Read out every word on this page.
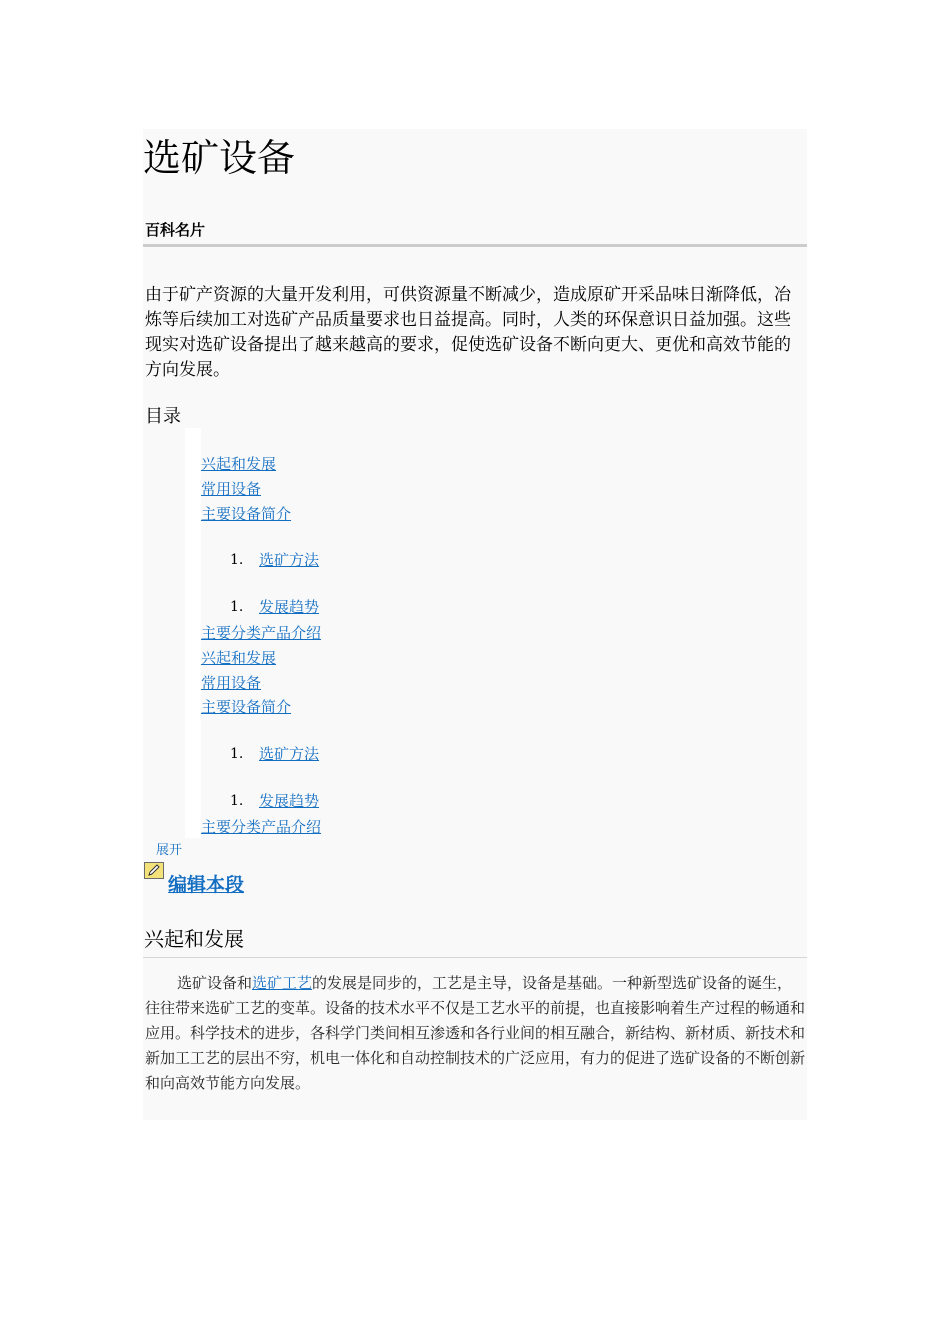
选矿设备
百科名片
由于矿产资源的大量开发利用，可供资源量不断减少，造成原矿开采品味日渐降低，冶炼等后续加工对选矿产品质量要求也日益提高。同时，人类的环保意识日益加强。这些现实对选矿设备提出了越来越高的要求，促使选矿设备不断向更大、更优和高效节能的方向发展。
目录
兴起和发展
常用设备
主要设备简介
1.	选矿方法
1.	发展趋势
主要分类产品介绍
兴起和发展
常用设备
主要设备简介
1.	选矿方法
1.	发展趋势
主要分类产品介绍
展开
编辑本段
兴起和发展
选矿设备和选矿工艺的发展是同步的，工艺是主导，设备是基础。一种新型选矿设备的诞生，往往带来选矿工艺的变革。设备的技术水平不仅是工艺水平的前提，也直接影响着生产过程的畅通和应用。科学技术的进步，各科学门类间相互渗透和各行业间的相互融合，新结构、新材质、新技术和新加工工艺的层出不穷，机电一体化和自动控制技术的广泛应用，有力的促进了选矿设备的不断创新和向高效节能方向发展。
